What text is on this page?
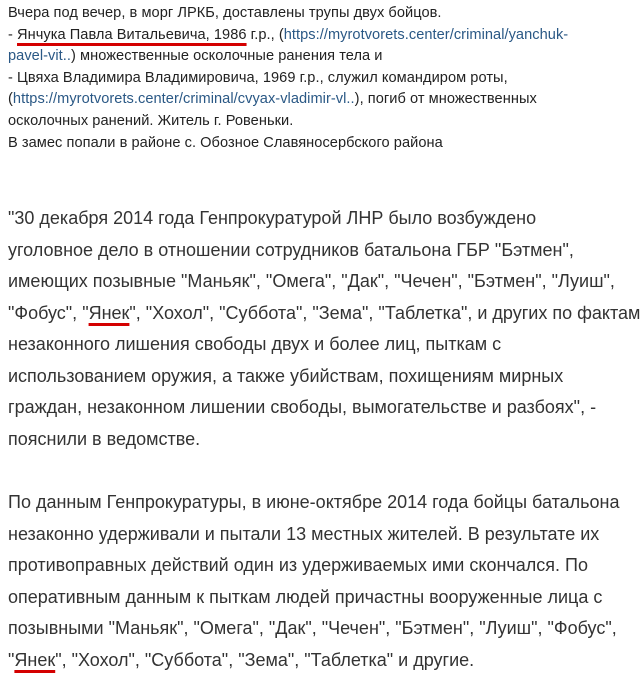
Вчера под вечер, в морг ЛРКБ, доставлены трупы двух бойцов.
- Янчука Павла Витальевича, 1986 г.р., (https://myrotvorets.center/criminal/yanchuk-
pavel-vit..) множественные осколочные ранения тела и
- Цвяха Владимира Владимировича, 1969 г.р., служил командиром роты,
(https://myrotvorets.center/criminal/cvyax-vladimir-vl..), погиб от множественных
осколочных ранений. Житель г. Ровеньки.
В замес попали в районе с. Обозное Славяносербского района
"30 декабря 2014 года Генпрокуратурой ЛНР было возбуждено
уголовное дело в отношении сотрудников батальона ГБР "Бэтмен",
имеющих позывные "Маньяк", "Омега", "Дак", "Чечен", "Бэтмен", "Луиш",
"Фобус", "Янек", "Хохол", "Суббота", "Зема", "Таблетка", и других по фактам
незаконного лишения свободы двух и более лиц, пыткам с
использованием оружия, а также убийствам, похищениям мирных
граждан, незаконном лишении свободы, вымогательстве и разбоях", -
пояснили в ведомстве.
По данным Генпрокуратуры, в июне-октябре 2014 года бойцы батальона
незаконно удерживали и пытали 13 местных жителей. В результате их
противоправных действий один из удерживаемых ими скончался. По
оперативным данным к пыткам людей причастны вооруженные лица с
позывными "Маньяк", "Омега", "Дак", "Чечен", "Бэтмен", "Луиш", "Фобус",
"Янек", "Хохол", "Суббота", "Зема", "Таблетка" и другие.
